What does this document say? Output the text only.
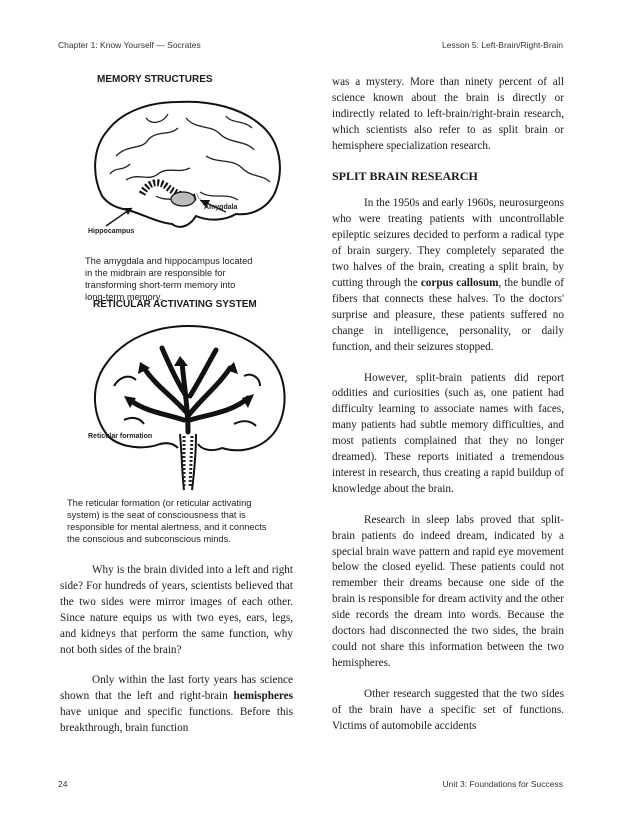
Chapter 1: Know Yourself — Socrates	Lesson 5: Left-Brain/Right-Brain
MEMORY STRUCTURES
Amygdala
Hippocampus
The amygdala and hippocampus located
in the midbrain are responsible for
transforming short-term memory into
long-term memory.
RETICULAR ACTIVATING SYSTEM
Reticular formation
The reticular formation (or reticular activating
system) is the seat of consciousness that is
responsible for mental alertness, and it connects
the conscious and subconscious minds.

Why is the brain divided into a left and right side? For hundreds of years, scientists believed that the two sides were mirror images of each other. Since nature equips us with two eyes, ears, legs, and kidneys that perform the same function, why not both sides of the brain?

Only within the last forty years has science shown that the left and right-brain hemispheres have unique and specific functions. Before this breakthrough, brain function

was a mystery. More than ninety percent of all science known about the brain is directly or indirectly related to left-brain/right-brain research, which scientists also refer to as split brain or hemisphere specialization research.

SPLIT BRAIN RESEARCH

In the 1950s and early 1960s, neurosurgeons who were treating patients with uncontrollable epileptic seizures decided to perform a radical type of brain surgery. They completely separated the two halves of the brain, creating a split brain, by cutting through the corpus callosum, the bundle of fibers that connects these halves. To the doctors' surprise and pleasure, these patients suffered no change in intelligence, personality, or daily function, and their seizures stopped.

However, split-brain patients did report oddities and curiosities (such as, one patient had difficulty learning to associate names with faces, many patients had subtle memory difficulties, and most patients complained that they no longer dreamed). These reports initiated a tremendous interest in research, thus creating a rapid buildup of knowledge about the brain.

Research in sleep labs proved that split-brain patients do indeed dream, indicated by a special brain wave pattern and rapid eye movement below the closed eyelid. These patients could not remember their dreams because one side of the brain is responsible for dream activity and the other side records the dream into words. Because the doctors had disconnected the two sides, the brain could not share this information between the two hemispheres.

Other research suggested that the two sides of the brain have a specific set of functions. Victims of automobile accidents

24	Unit 3: Foundations for Success
